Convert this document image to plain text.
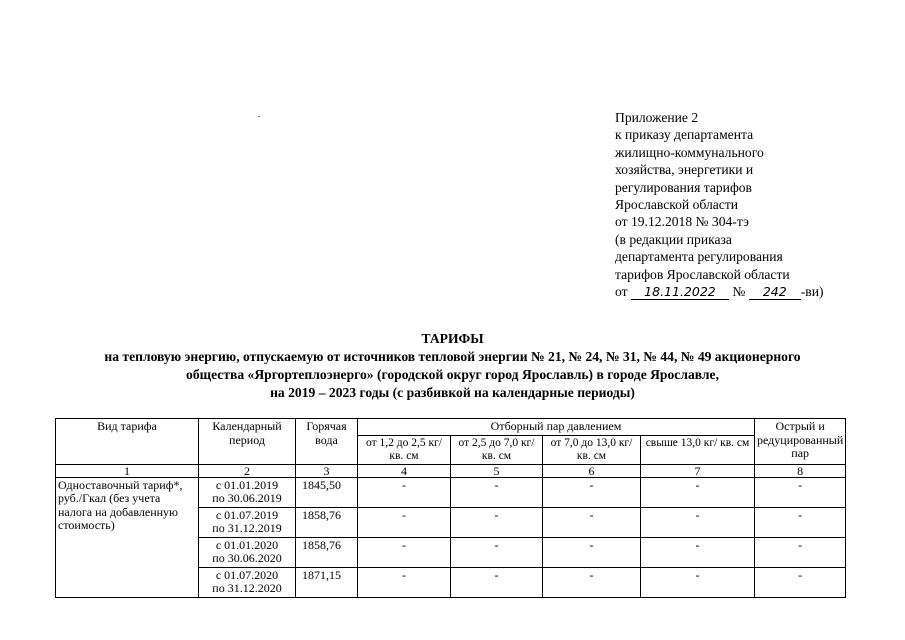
Приложение 2
к приказу департамента
жилищно-коммунального
хозяйства, энергетики и
регулирования тарифов
Ярославской области
от 19.12.2018 № 304-тэ
(в редакции приказа
департамента регулирования
тарифов Ярославской области
от 18.11.2022 № 242 -ви)
ТАРИФЫ
на тепловую энергию, отпускаемую от источников тепловой энергии № 21, № 24, № 31, № 44, № 49 акционерного
общества «Яргортеплоэнерго» (городской округ город Ярославль) в городе Ярославле,
на 2019 – 2023 годы (с разбивкой на календарные периоды)
Вид тарифа	Календарный период	Горячая вода	Отборный пар давлением				Острый и редуцированный пар
			от 1,2 до 2,5 кг/ кв. см	от 2,5 до 7,0 кг/ кв. см	от 7,0 до 13,0 кг/ кв. см	свыше 13,0 кг/ кв. см	
1	2	3	4	5	6	7	8
Одноставочный тариф*, руб./Гкал (без учета налога на добавленную стоимость)	с 01.01.2019
по 30.06.2019	1845,50	-	-	-	-	-

	с 01.07.2019
по 31.12.2019	1858,76	-	-	-	-	-

	с 01.01.2020
по 30.06.2020	1858,76	-	-	-	-	-

	с 01.07.2020
по 31.12.2020	1871,15	-	-	-	-	-
